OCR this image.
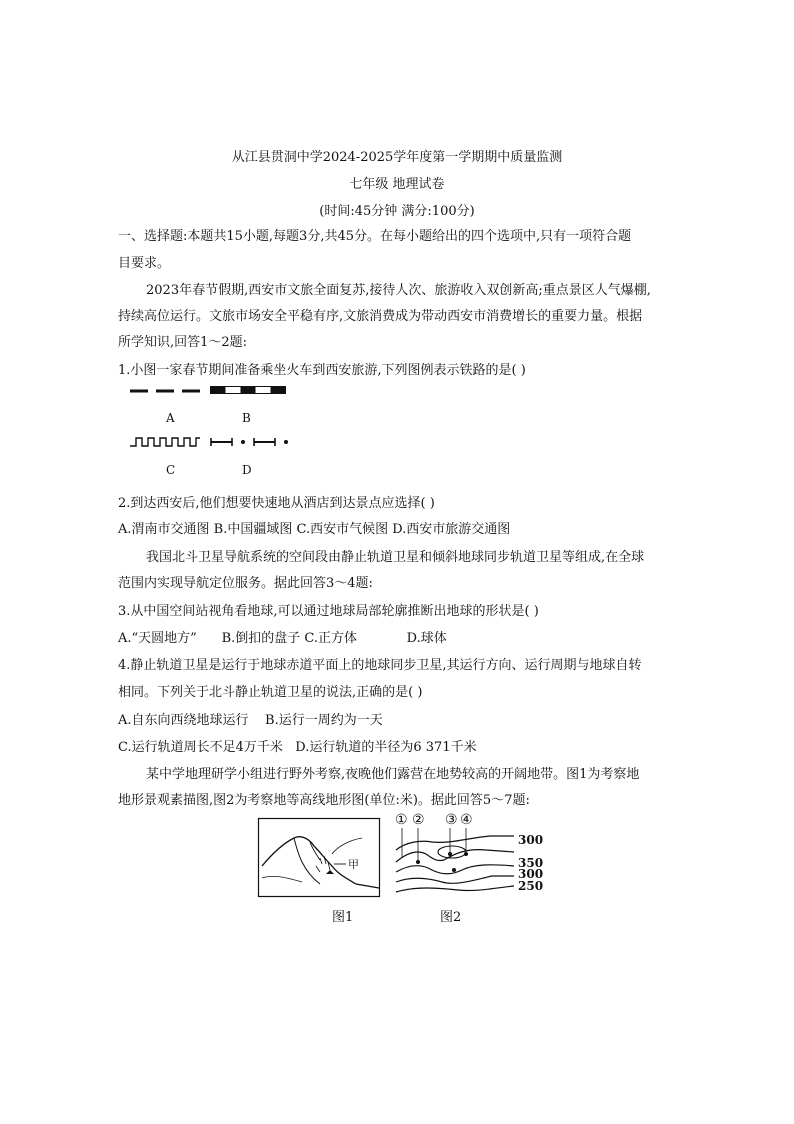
从江县贯洞中学2024-2025学年度第一学期期中质量监测
七年级 地理试卷
(时间:45分钟 满分:100分)
一、选择题:本题共15小题,每题3分,共45分。在每小题给出的四个选项中,只有一项符合题
目要求。
2023年春节假期,西安市文旅全面复苏,接待人次、旅游收入双创新高;重点景区人气爆棚,
持续高位运行。文旅市场安全平稳有序,文旅消费成为带动西安市消费增长的重要力量。根据
所学知识,回答1～2题:
1.小图一家春节期间准备乘坐火车到西安旅游,下列图例表示铁路的是( )
A	B
C	D
2.到达西安后,他们想要快速地从酒店到达景点应选择( )
A.渭南市交通图 B.中国疆域图 C.西安市气候图 D.西安市旅游交通图
我国北斗卫星导航系统的空间段由静止轨道卫星和倾斜地球同步轨道卫星等组成,在全球
范围内实现导航定位服务。据此回答3～4题:
3.从中国空间站视角看地球,可以通过地球局部轮廓推断出地球的形状是( )
A.“天圆地方”      B.倒扣的盘子 C.正方体            D.球体
4.静止轨道卫星是运行于地球赤道平面上的地球同步卫星,其运行方向、运行周期与地球自转
相同。下列关于北斗静止轨道卫星的说法,正确的是( )
A.自东向西绕地球运行    B.运行一周约为一天
C.运行轨道周长不足4万千米   D.运行轨道的半径为6 371千米
某中学地理研学小组进行野外考察,夜晚他们露营在地势较高的开阔地带。图1为考察地
地形景观素描图,图2为考察地等高线地形图(单位:米)。据此回答5～7题:
甲
图1
① ② ③ ④
300
350
300
250
图2
